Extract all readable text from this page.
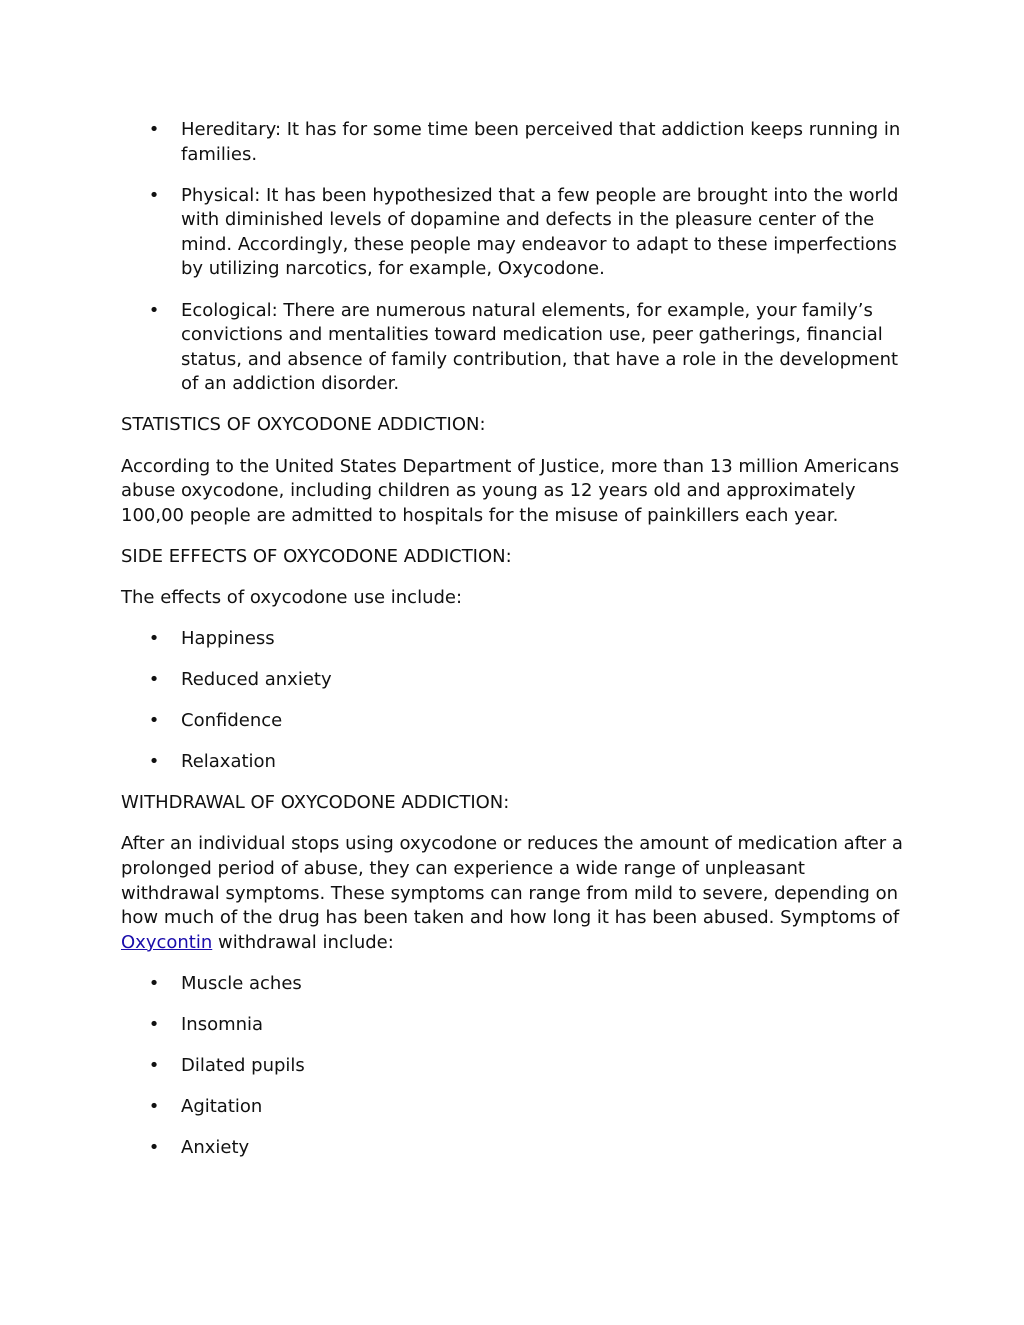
• Hereditary: It has for some time been perceived that addiction keeps running in families.
• Physical: It has been hypothesized that a few people are brought into the world with diminished levels of dopamine and defects in the pleasure center of the mind. Accordingly, these people may endeavor to adapt to these imperfections by utilizing narcotics, for example, Oxycodone.
• Ecological: There are numerous natural elements, for example, your family’s convictions and mentalities toward medication use, peer gatherings, financial status, and absence of family contribution, that have a role in the development of an addiction disorder.

STATISTICS OF OXYCODONE ADDICTION:

According to the United States Department of Justice, more than 13 million Americans abuse oxycodone, including children as young as 12 years old and approximately 100,00 people are admitted to hospitals for the misuse of painkillers each year.

SIDE EFFECTS OF OXYCODONE ADDICTION:

The effects of oxycodone use include:

• Happiness
• Reduced anxiety
• Confidence
• Relaxation

WITHDRAWAL OF OXYCODONE ADDICTION:

After an individual stops using oxycodone or reduces the amount of medication after a prolonged period of abuse, they can experience a wide range of unpleasant withdrawal symptoms. These symptoms can range from mild to severe, depending on how much of the drug has been taken and how long it has been abused. Symptoms of Oxycontin withdrawal include:

• Muscle aches
• Insomnia
• Dilated pupils
• Agitation
• Anxiety
